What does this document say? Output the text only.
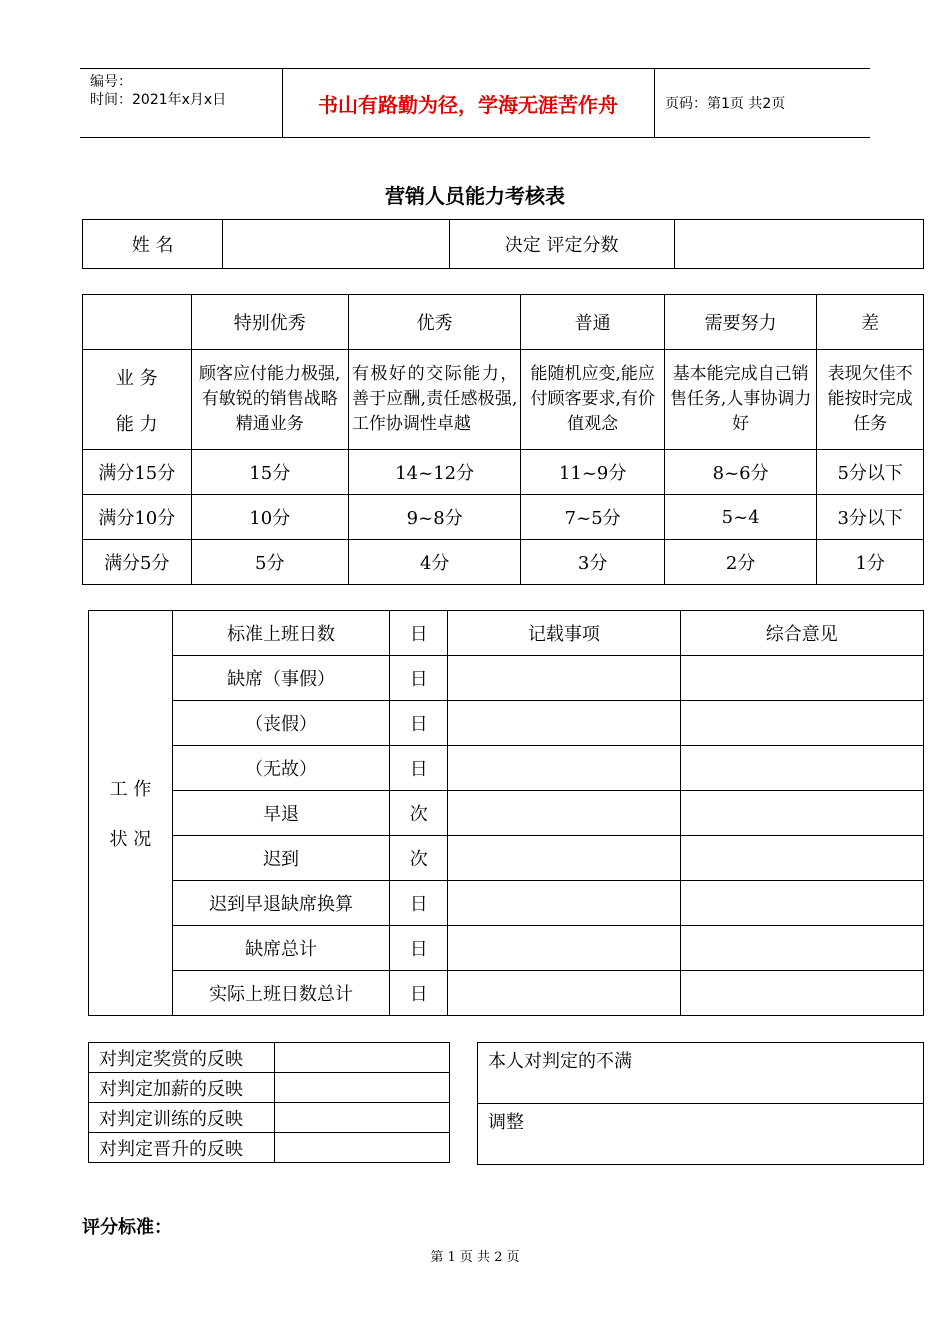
编号：
时间：2021年x月x日	书山有路勤为径，学海无涯苦作舟	页码：第1页 共2页
营销人员能力考核表
姓 名		决定 评定分数	
	特别优秀	优秀	普通	需要努力	差

业 务
能 力	顾客应付能力极强,有敏锐的销售战略精通业务	有极好的交际能力，善于应酬,责任感极强,工作协调性卓越	能随机应变,能应付顾客要求,有价值观念	基本能完成自己销售任务,人事协调力好	表现欠佳不能按时完成任务
满分15分	15分	14~12分	11~9分	8~6分	5分以下
满分10分	10分	9~8分	7~5分	5~4	3分以下
满分5分	5分	4分	3分	2分	1分
工 作
状 况	标准上班日数	日	记载事项	综合意见
	缺席（事假）	日		
	（丧假）	日		
	（无故）	日		
	早退	次		
	迟到	次		
	迟到早退缺席换算	日		
	缺席总计	日		
	实际上班日数总计	日		
对判定奖赏的反映	
对判定加薪的反映	
对判定训练的反映	
对判定晋升的反映	
本人对判定的不满
调整
评分标准：
第 1 页 共 2 页
